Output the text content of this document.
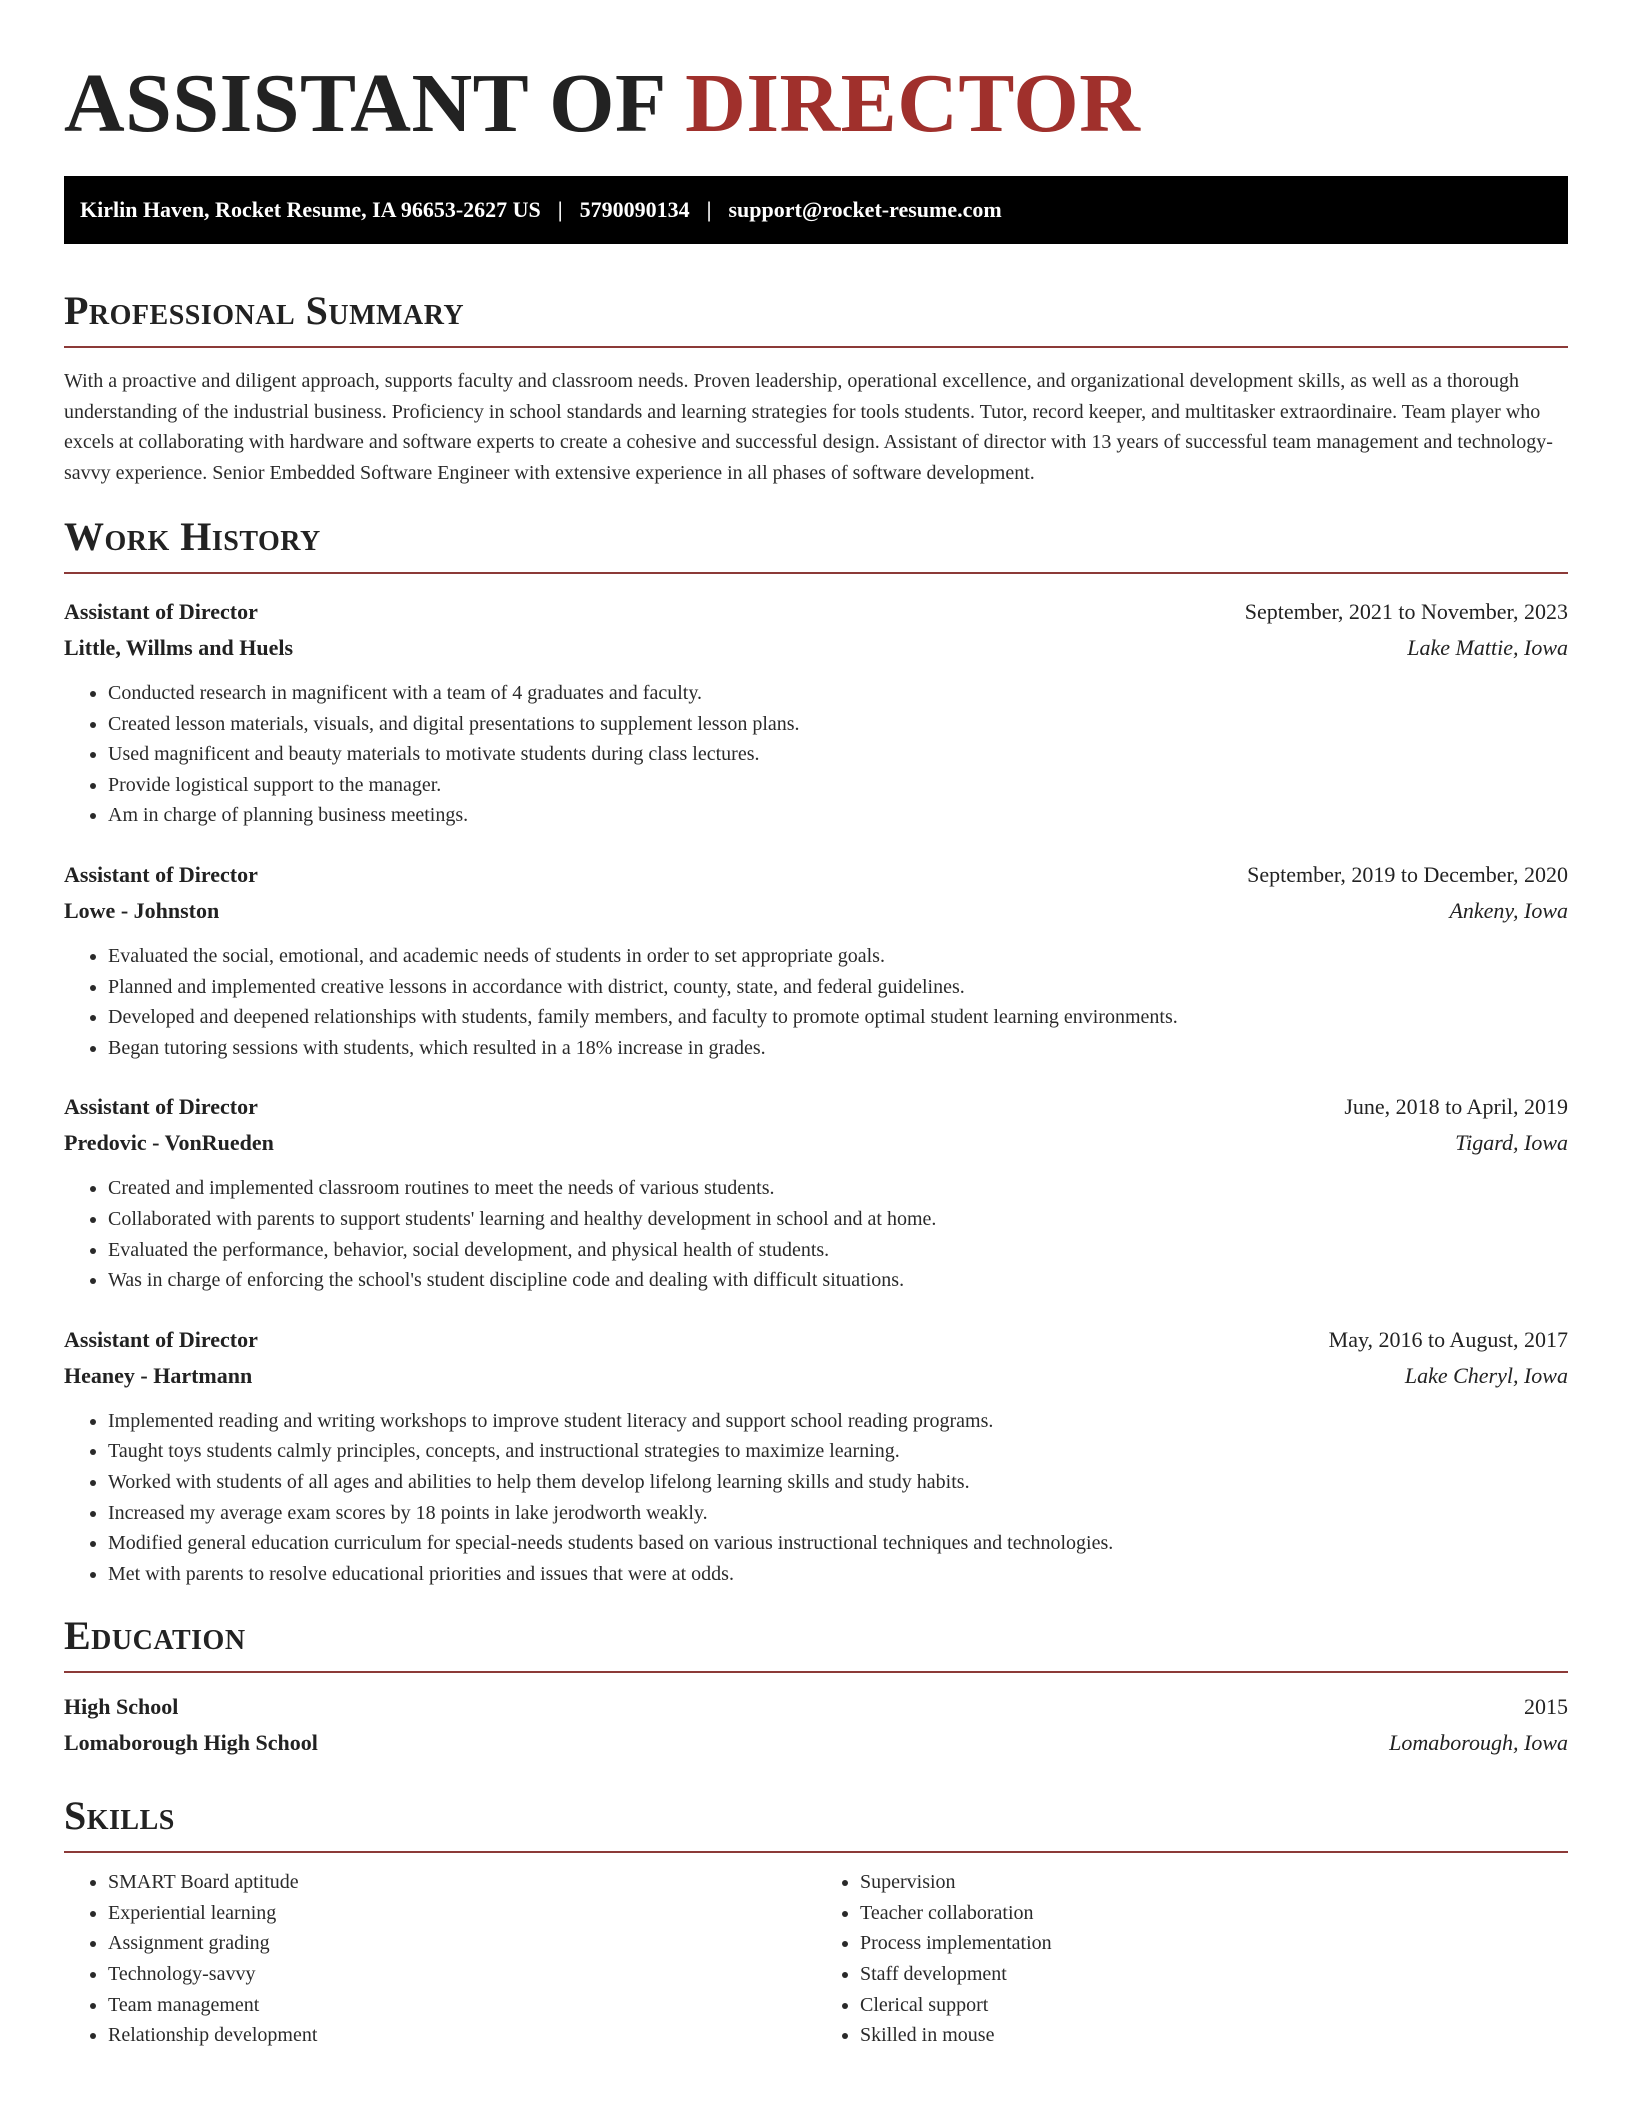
ASSISTANT OF DIRECTOR
Kirlin Haven, Rocket Resume, IA 96653-2627 US | 5790090134 | support@rocket-resume.com
Professional Summary

With a proactive and diligent approach, supports faculty and classroom needs. Proven leadership, operational excellence, and organizational development skills, as well as a thorough understanding of the industrial business. Proficiency in school standards and learning strategies for tools students. Tutor, record keeper, and multitasker extraordinaire. Team player who excels at collaborating with hardware and software experts to create a cohesive and successful design. Assistant of director with 13 years of successful team management and technology-savvy experience. Senior Embedded Software Engineer with extensive experience in all phases of software development.

Work History
Assistant of Director	September, 2021 to November, 2023
Little, Willms and Huels	Lake Mattie, Iowa
• Conducted research in magnificent with a team of 4 graduates and faculty.
• Created lesson materials, visuals, and digital presentations to supplement lesson plans.
• Used magnificent and beauty materials to motivate students during class lectures.
• Provide logistical support to the manager.
• Am in charge of planning business meetings.
Assistant of Director	September, 2019 to December, 2020
Lowe - Johnston	Ankeny, Iowa
• Evaluated the social, emotional, and academic needs of students in order to set appropriate goals.
• Planned and implemented creative lessons in accordance with district, county, state, and federal guidelines.
• Developed and deepened relationships with students, family members, and faculty to promote optimal student learning environments.
• Began tutoring sessions with students, which resulted in a 18% increase in grades.
Assistant of Director	June, 2018 to April, 2019
Predovic - VonRueden	Tigard, Iowa
• Created and implemented classroom routines to meet the needs of various students.
• Collaborated with parents to support students' learning and healthy development in school and at home.
• Evaluated the performance, behavior, social development, and physical health of students.
• Was in charge of enforcing the school's student discipline code and dealing with difficult situations.
Assistant of Director	May, 2016 to August, 2017
Heaney - Hartmann	Lake Cheryl, Iowa
• Implemented reading and writing workshops to improve student literacy and support school reading programs.
• Taught toys students calmly principles, concepts, and instructional strategies to maximize learning.
• Worked with students of all ages and abilities to help them develop lifelong learning skills and study habits.
• Increased my average exam scores by 18 points in lake jerodworth weakly.
• Modified general education curriculum for special-needs students based on various instructional techniques and technologies.
• Met with parents to resolve educational priorities and issues that were at odds.
Education
High School	2015
Lomaborough High School	Lomaborough, Iowa
Skills
• SMART Board aptitude
• Experiential learning
• Assignment grading
• Technology-savvy
• Team management
• Relationship development
• Supervision
• Teacher collaboration
• Process implementation
• Staff development
• Clerical support
• Skilled in mouse
